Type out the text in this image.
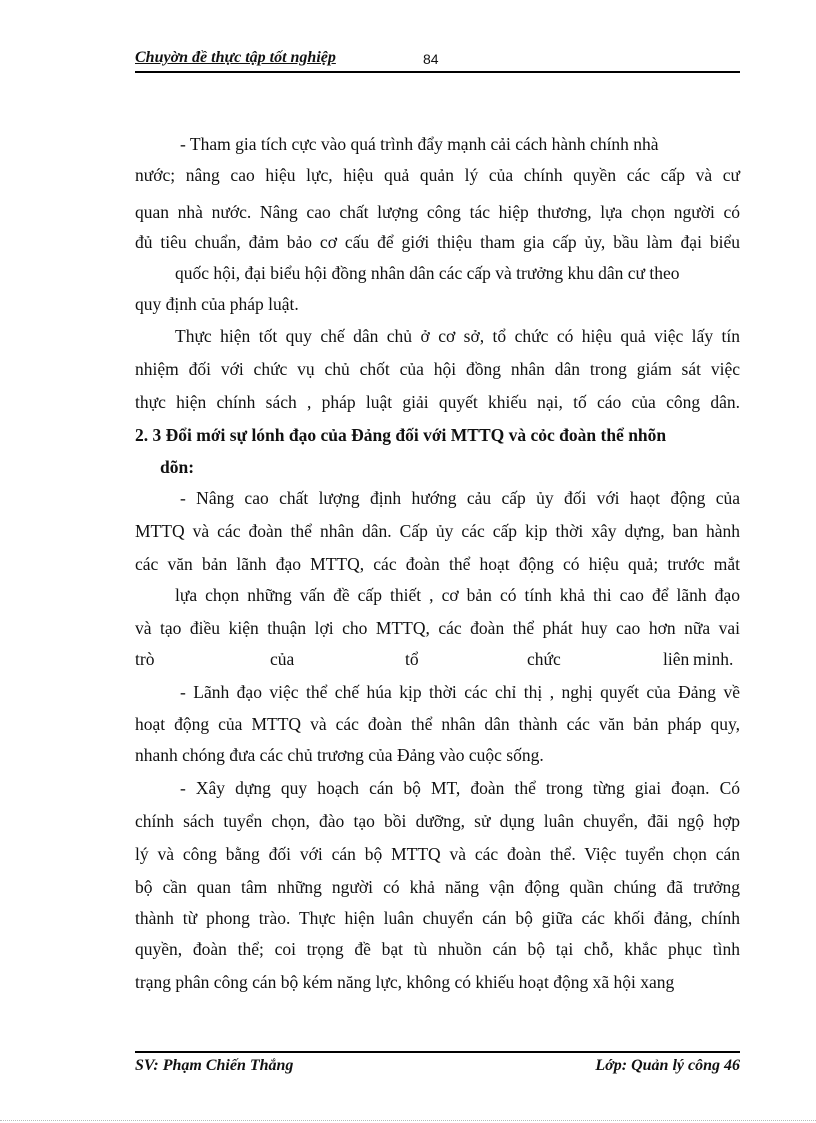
Chuyờn đề thực tập tốt nghiệp	84
- Tham gia tích cực vào quá trình đẩy mạnh cải cách hành chính nhà
nước; nâng cao hiệu lực, hiệu quả quản lý của chính quyền các cấp và cư
quan nhà nước. Nâng cao chất lượng công tác hiệp thương, lựa chọn người có
đủ tiêu chuẩn, đảm bảo cơ cấu để giới thiệu tham gia cấp ủy, bầu làm đại biểu
quốc hội, đại biểu hội đồng nhân dân các cấp và trưởng khu dân cư theo
quy định của pháp luật.
Thực hiện tốt quy chế dân chủ ở cơ sở, tổ chức có hiệu quả việc lấy tín
nhiệm đối với chức vụ chủ chốt của hội đồng nhân dân trong giám sát việc
thực hiện chính sách , pháp luật giải quyết khiếu nại, tố cáo của công dân.
2. 3 Đổi mới sự lónh đạo của Đảng đối với MTTQ và cỏc đoàn thể nhõn
dõn:
- Nâng cao chất lượng định hướng cảu cấp ủy đối với haọt động của
MTTQ và các đoàn thể nhân dân. Cấp ủy các cấp kịp thời xây dựng, ban hành
các văn bản lãnh đạo MTTQ, các đoàn thể hoạt động có hiệu quả; trước mắt
lựa chọn những vấn đề cấp thiết , cơ bản có tính khả thi cao để lãnh đạo
và tạo điều kiện thuận lợi cho MTTQ, các đoàn thể phát huy cao hơn nữa vai
trò	của	tổ	chức	liên minh.
- Lãnh đạo việc thể chế húa kịp thời các chỉ thị , nghị quyết của Đảng về
hoạt động của MTTQ và các đoàn thể nhân dân thành các văn bản pháp quy,
nhanh chóng đưa các chủ trương của Đảng vào cuộc sống.
- Xây dựng quy hoạch cán bộ MT, đoàn thể trong từng giai đoạn. Có
chính sách tuyển chọn, đào tạo bồi dưỡng, sử dụng luân chuyển, đãi ngộ hợp
lý và công bằng đối với cán bộ MTTQ và các đoàn thể. Việc tuyển chọn cán
bộ cần quan tâm những người có khả năng vận động quần chúng đã trưởng
thành từ phong trào. Thực hiện luân chuyển cán bộ giữa các khối đảng, chính
quyền, đoàn thể; coi trọng đề bạt tù nhuồn cán bộ tại chỗ, khắc phục tình
trạng phân công cán bộ kém năng lực, không có khiếu hoạt động xã hội xang
SV: Phạm Chiến Thắng	Lớp: Quản lý công 46
